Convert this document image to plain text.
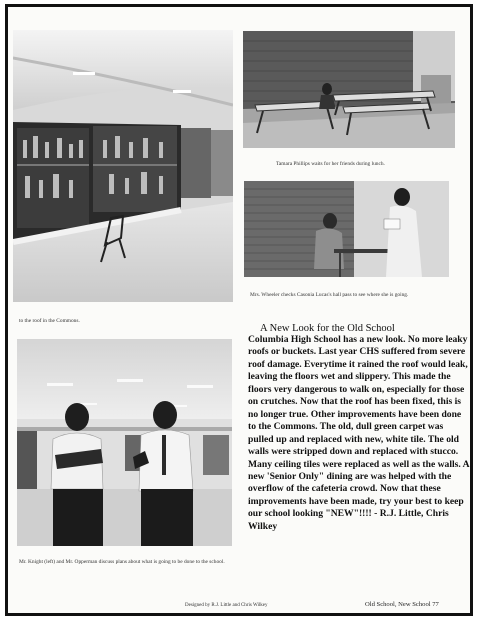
Tamara Phillips waits for her friends during lunch.
Mrs. Wheeler checks Casonia Lucas's hall pass to see where she is going.
to the roof in the Commons.
Mr. Knight (left) and Mr. Opperman discuss plans about what is going to be done to the school.
A New Look for the Old School
Columbia High School has a new look. No more leaky roofs or buckets. Last year CHS suffered from severe roof damage. Everytime it rained the roof would leak, leaving the floors wet and slippery. This made the floors very dangerous to walk on, especially for those on crutches. Now that the roof has been fixed, this is no longer true. Other improvements have been done to the Commons. The old, dull green carpet was pulled up and replaced with new, white tile. The old walls were stripped down and replaced with stucco. Many ceiling tiles were replaced as well as the walls. A new 'Senior Only" dining are was helped with the overflow of the cafeteria crowd. Now that these improvements have been made, try your best to keep our school looking "NEW"!!!! - R.J. Little, Chris Wilkey
Designed by R.J. Little and Chris Wilkey	Old School, New School 77
